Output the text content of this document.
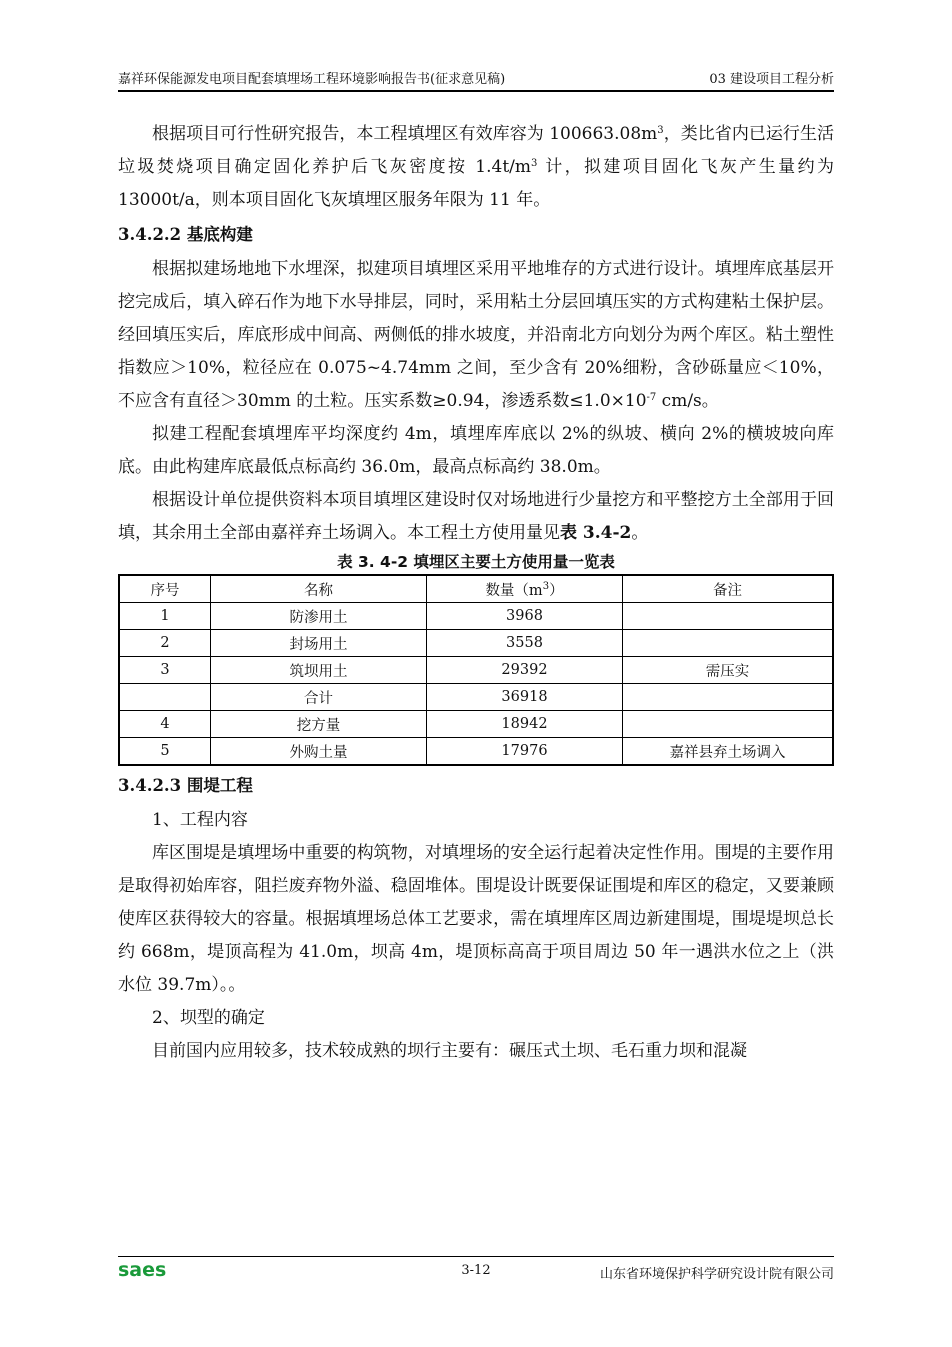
嘉祥环保能源发电项目配套填埋场工程环境影响报告书(征求意见稿)	03 建设项目工程分析

根据项目可行性研究报告，本工程填埋区有效库容为 $100663.08m^3$，类比省内已运行生活垃圾焚烧项目确定固化养护后飞灰密度按 $1.4t/m^3$ 计，拟建项目固化飞灰产生量约为 13000t/a，则本项目固化飞灰填埋区服务年限为 11 年。

3.4.2.2 基底构建

根据拟建场地地下水埋深，拟建项目填埋区采用平地堆存的方式进行设计。填埋库底基层开挖完成后，填入碎石作为地下水导排层，同时，采用粘土分层回填压实的方式构建粘土保护层。经回填压实后，库底形成中间高、两侧低的排水坡度，并沿南北方向划分为两个库区。粘土塑性指数应＞10%，粒径应在 0.075~4.74mm 之间，至少含有 20%细粉，含砂砾量应＜10%，不应含有直径＞30mm 的土粒。压实系数≥0.94，渗透系数$\le 1.0\times 10^{-7}$ cm/s。

拟建工程配套填埋库平均深度约 4m，填埋库库底以 2%的纵坡、横向 2%的横坡坡向库底。由此构建库底最低点标高约 36.0m，最高点标高约 38.0m。

根据设计单位提供资料本项目填埋区建设时仅对场地进行少量挖方和平整挖方土全部用于回填，其余用土全部由嘉祥弃土场调入。本工程土方使用量见表 3.4-2。

表 3. 4-2 填埋区主要土方使用量一览表
序号	名称	数量$(m^3)$	备注
1	防渗用土	3968	
2	封场用土	3558	
3	筑坝用土	29392	需压实
	合计	36918	
4	挖方量	18942	
5	外购土量	17976	嘉祥县弃土场调入
3.4.2.3 围堤工程

1、工程内容

库区围堤是填埋场中重要的构筑物，对填埋场的安全运行起着决定性作用。围堤的主要作用是取得初始库容，阻拦废弃物外溢、稳固堆体。围堤设计既要保证围堤和库区的稳定，又要兼顾使库区获得较大的容量。根据填埋场总体工艺要求，需在填埋库区周边新建围堤，围堤堤坝总长约 668m，堤顶高程为 41.0m，坝高 4m，堤顶标高高于项目周边 50 年一遇洪水位之上（洪水位 39.7m）。。

2、坝型的确定

目前国内应用较多，技术较成熟的坝行主要有：碾压式土坝、毛石重力坝和混凝

saes	3-12	山东省环境保护科学研究设计院有限公司
